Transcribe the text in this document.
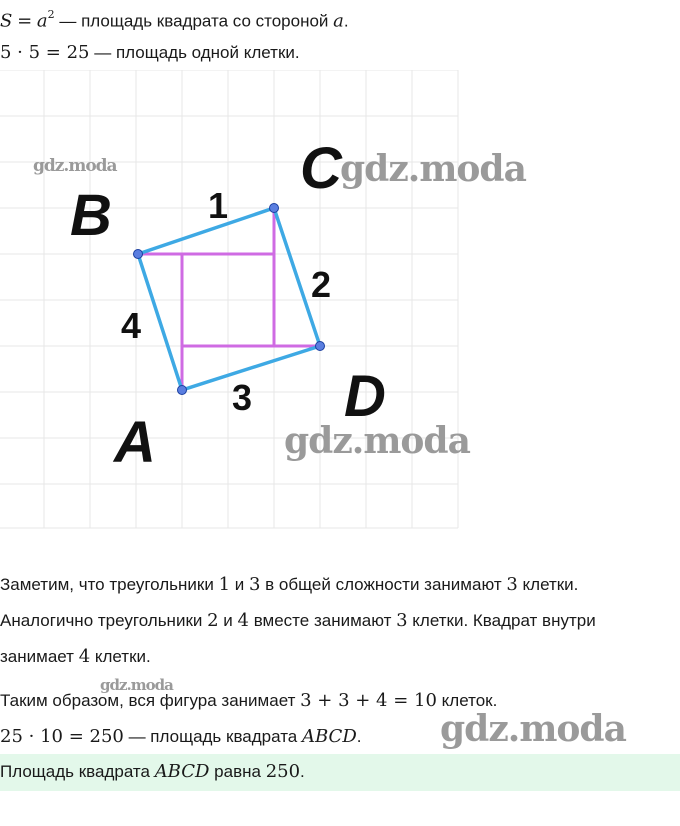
$S = a^2$ — площадь квадрата со стороной a.
5 · 5 = 25 — площадь одной клетки.
B
C
D
A
1
2
3
4
gdz.moda	gdz.moda
gdz.moda
gdz.moda
gdz.moda
Заметим, что треугольники 1 и 3 в общей сложности занимают 3 клетки.
Аналогично треугольники 2 и 4 вместе занимают 3 клетки. Квадрат внутри
занимает 4 клетки.
Таким образом, вся фигура занимает 3 + 3 + 4 = 10 клеток.
25 · 10 = 250 — площадь квадрата ABCD.
Площадь квадрата ABCD равна 250.
